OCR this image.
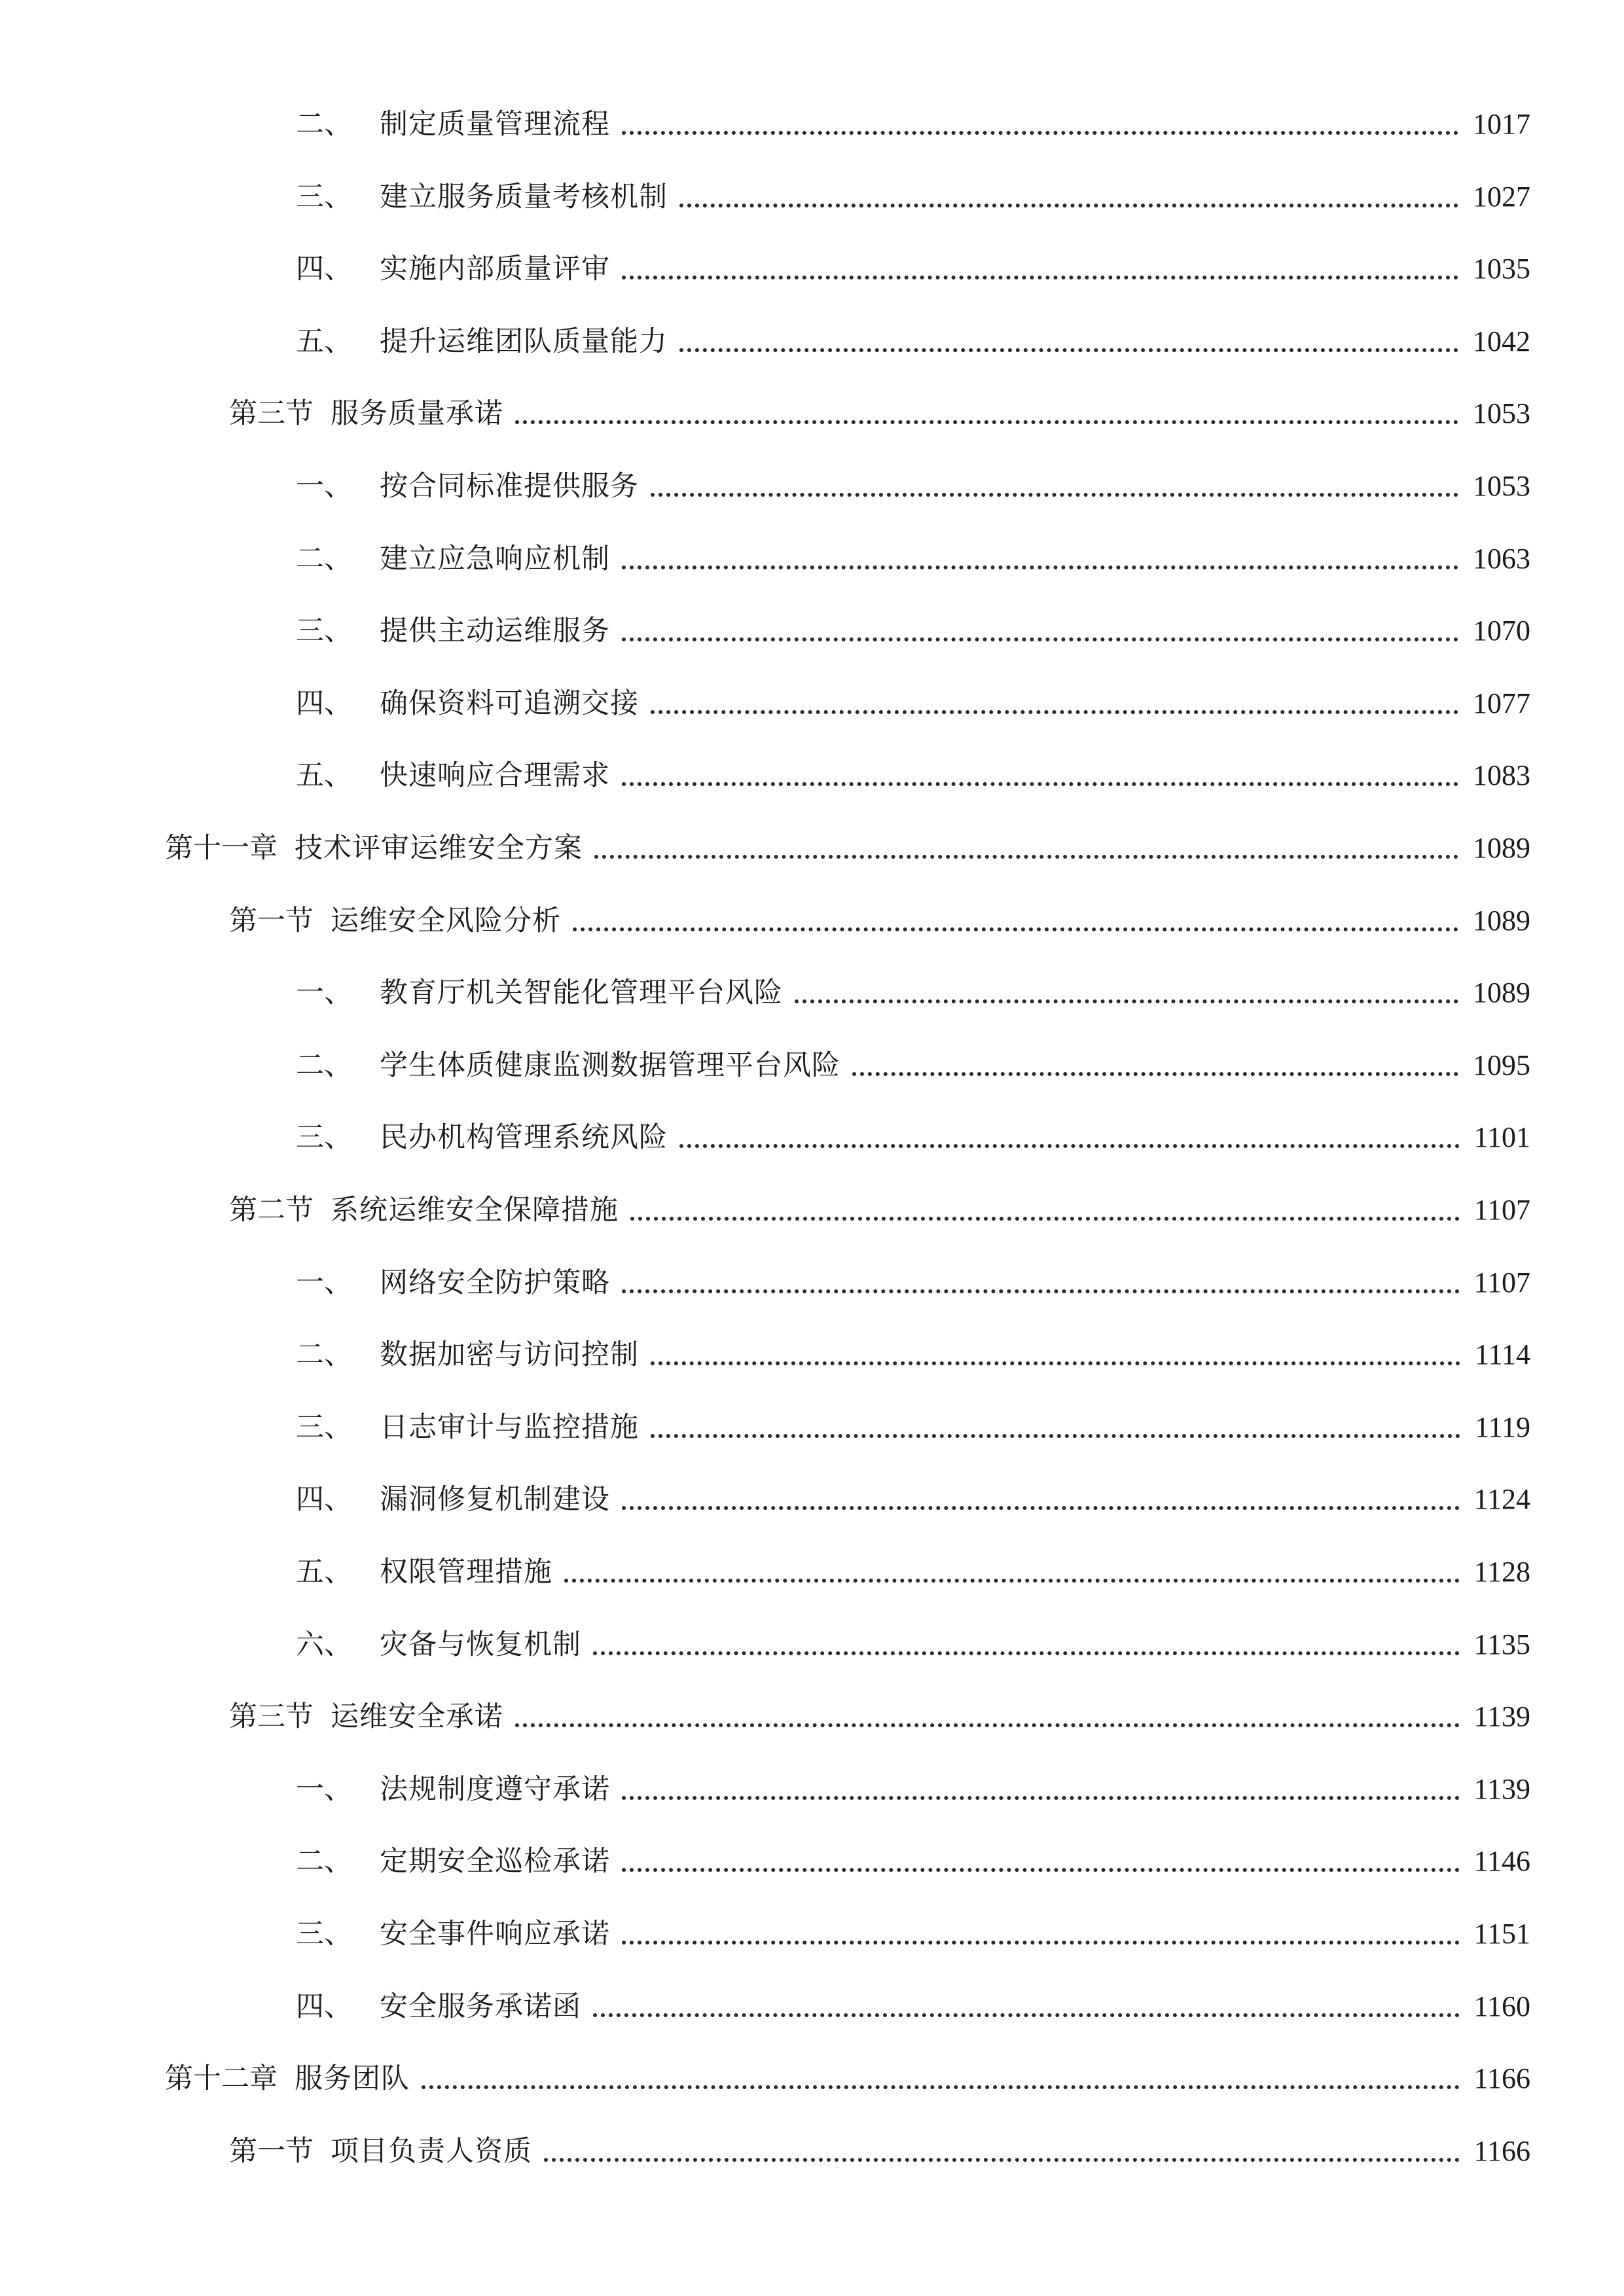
二、 制定质量管理流程	1017
三、 建立服务质量考核机制	1027
四、 实施内部质量评审	1035
五、 提升运维团队质量能力	1042
第三节 服务质量承诺	1053
一、 按合同标准提供服务	1053
二、 建立应急响应机制	1063
三、 提供主动运维服务	1070
四、 确保资料可追溯交接	1077
五、 快速响应合理需求	1083
第十一章 技术评审运维安全方案	1089
第一节 运维安全风险分析	1089
一、 教育厅机关智能化管理平台风险	1089
二、 学生体质健康监测数据管理平台风险	1095
三、 民办机构管理系统风险	1101
第二节 系统运维安全保障措施	1107
一、 网络安全防护策略	1107
二、 数据加密与访问控制	1114
三、 日志审计与监控措施	1119
四、 漏洞修复机制建设	1124
五、 权限管理措施	1128
六、 灾备与恢复机制	1135
第三节 运维安全承诺	1139
一、 法规制度遵守承诺	1139
二、 定期安全巡检承诺	1146
三、 安全事件响应承诺	1151
四、 安全服务承诺函	1160
第十二章 服务团队	1166
第一节 项目负责人资质	1166
